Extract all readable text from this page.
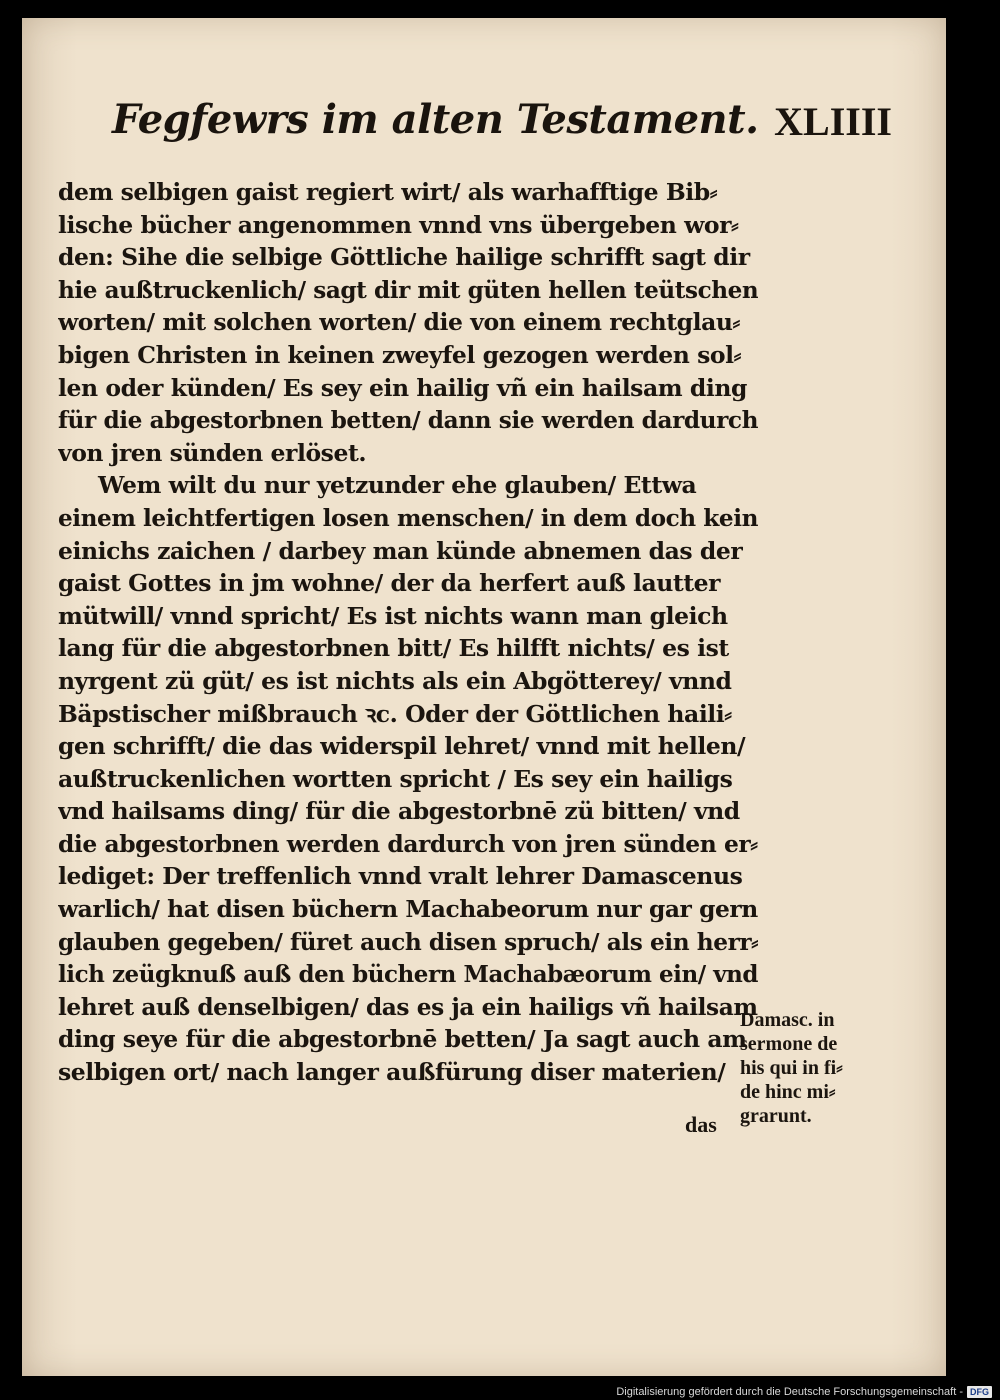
Fegfewrs im alten Testament. XLIIII
dem selbigen gaist regiert wirt/ als warhafftige Bib⸗
lische bücher angenommen vnnd vns übergeben wor⸗
den: Sihe die selbige Göttliche hailige schrifft sagt dir
hie außtruckenlich/ sagt dir mit güten hellen teütschen
worten/ mit solchen worten/ die von einem rechtglau⸗
bigen Christen in keinen zweyfel gezogen werden sol⸗
len oder künden/ Es sey ein hailig vñ ein hailsam ding
für die abgestorbnen betten/ dann sie werden dardurch
von jren sünden erlöset.
Wem wilt du nur yetzunder ehe glauben/ Ettwa
einem leichtfertigen losen menschen/ in dem doch kein
einichs zaichen / darbey man künde abnemen das der
gaist Gottes in jm wohne/ der da herfert auß lautter
mütwill/ vnnd spricht/ Es ist nichts wann man gleich
lang für die abgestorbnen bitt/ Es hilfft nichts/ es ist
nyrgent zü güt/ es ist nichts als ein Abgötterey/ vnnd
Bäpstischer mißbrauch ꝛc. Oder der Göttlichen haili⸗
gen schrifft/ die das widerspil lehret/ vnnd mit hellen/
außtruckenlichen wortten spricht / Es sey ein hailigs
vnd hailsams ding/ für die abgestorbnē zü bitten/ vnd
die abgestorbnen werden dardurch von jren sünden er⸗
lediget: Der treffenlich vnnd vralt lehrer Damascenus
warlich/ hat disen büchern Machabeorum nur gar gern
glauben gegeben/ füret auch disen spruch/ als ein herr⸗
lich zeügknuß auß den büchern Machabæorum ein/ vnd
lehret auß denselbigen/ das es ja ein hailigs vñ hailsam
ding seye für die abgestorbnē betten/ Ja sagt auch am
selbigen ort/ nach langer außfürung diser materien/
Damasc. in
sermone de
his qui in fi⸗
de hinc mi⸗
grarunt.
das
Digitalisierung gefördert durch die Deutsche Forschungsgemeinschaft - DFG
